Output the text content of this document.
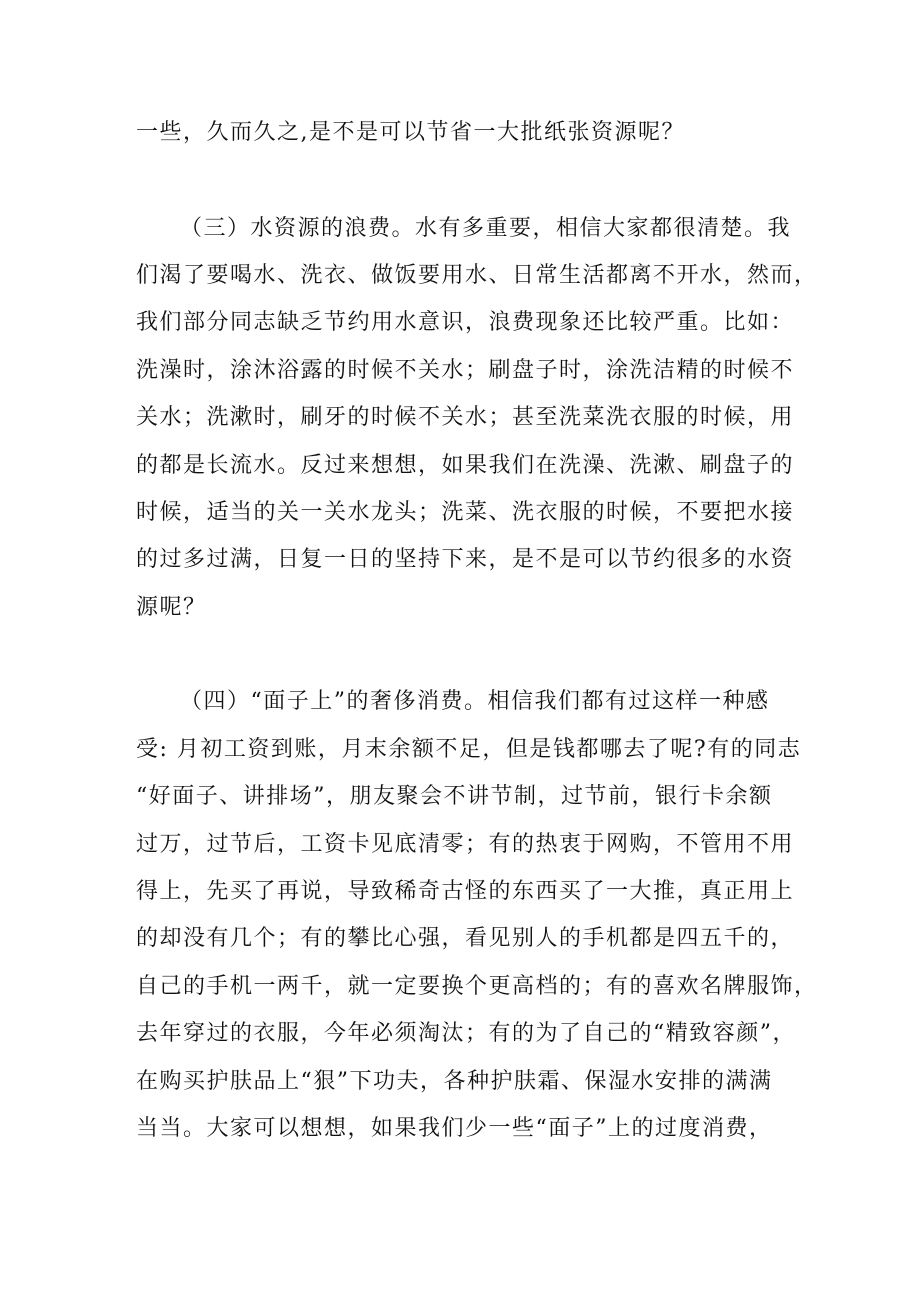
一些，久而久之,是不是可以节省一大批纸张资源呢？
（三）水资源的浪费。水有多重要，相信大家都很清楚。我
们渴了要喝水、洗衣、做饭要用水、日常生活都离不开水，然而，
我们部分同志缺乏节约用水意识，浪费现象还比较严重。比如：
洗澡时，涂沐浴露的时候不关水；刷盘子时，涂洗洁精的时候不
关水；洗漱时，刷牙的时候不关水；甚至洗菜洗衣服的时候，用
的都是长流水。反过来想想，如果我们在洗澡、洗漱、刷盘子的
时候，适当的关一关水龙头；洗菜、洗衣服的时候，不要把水接
的过多过满，日复一日的坚持下来，是不是可以节约很多的水资
源呢？
（四）“面子上”的奢侈消费。相信我们都有过这样一种感
受: 月初工资到账，月末余额不足，但是钱都哪去了呢?有的同志
“好面子、讲排场”，朋友聚会不讲节制，过节前，银行卡余额
过万，过节后，工资卡见底清零；有的热衷于网购，不管用不用
得上，先买了再说，导致稀奇古怪的东西买了一大推，真正用上
的却没有几个；有的攀比心强，看见别人的手机都是四五千的，
自己的手机一两千，就一定要换个更高档的；有的喜欢名牌服饰，
去年穿过的衣服，今年必须淘汰；有的为了自己的“精致容颜”，
在购买护肤品上“狠”下功夫，各种护肤霜、保湿水安排的满满
当当。大家可以想想，如果我们少一些“面子”上的过度消费，
